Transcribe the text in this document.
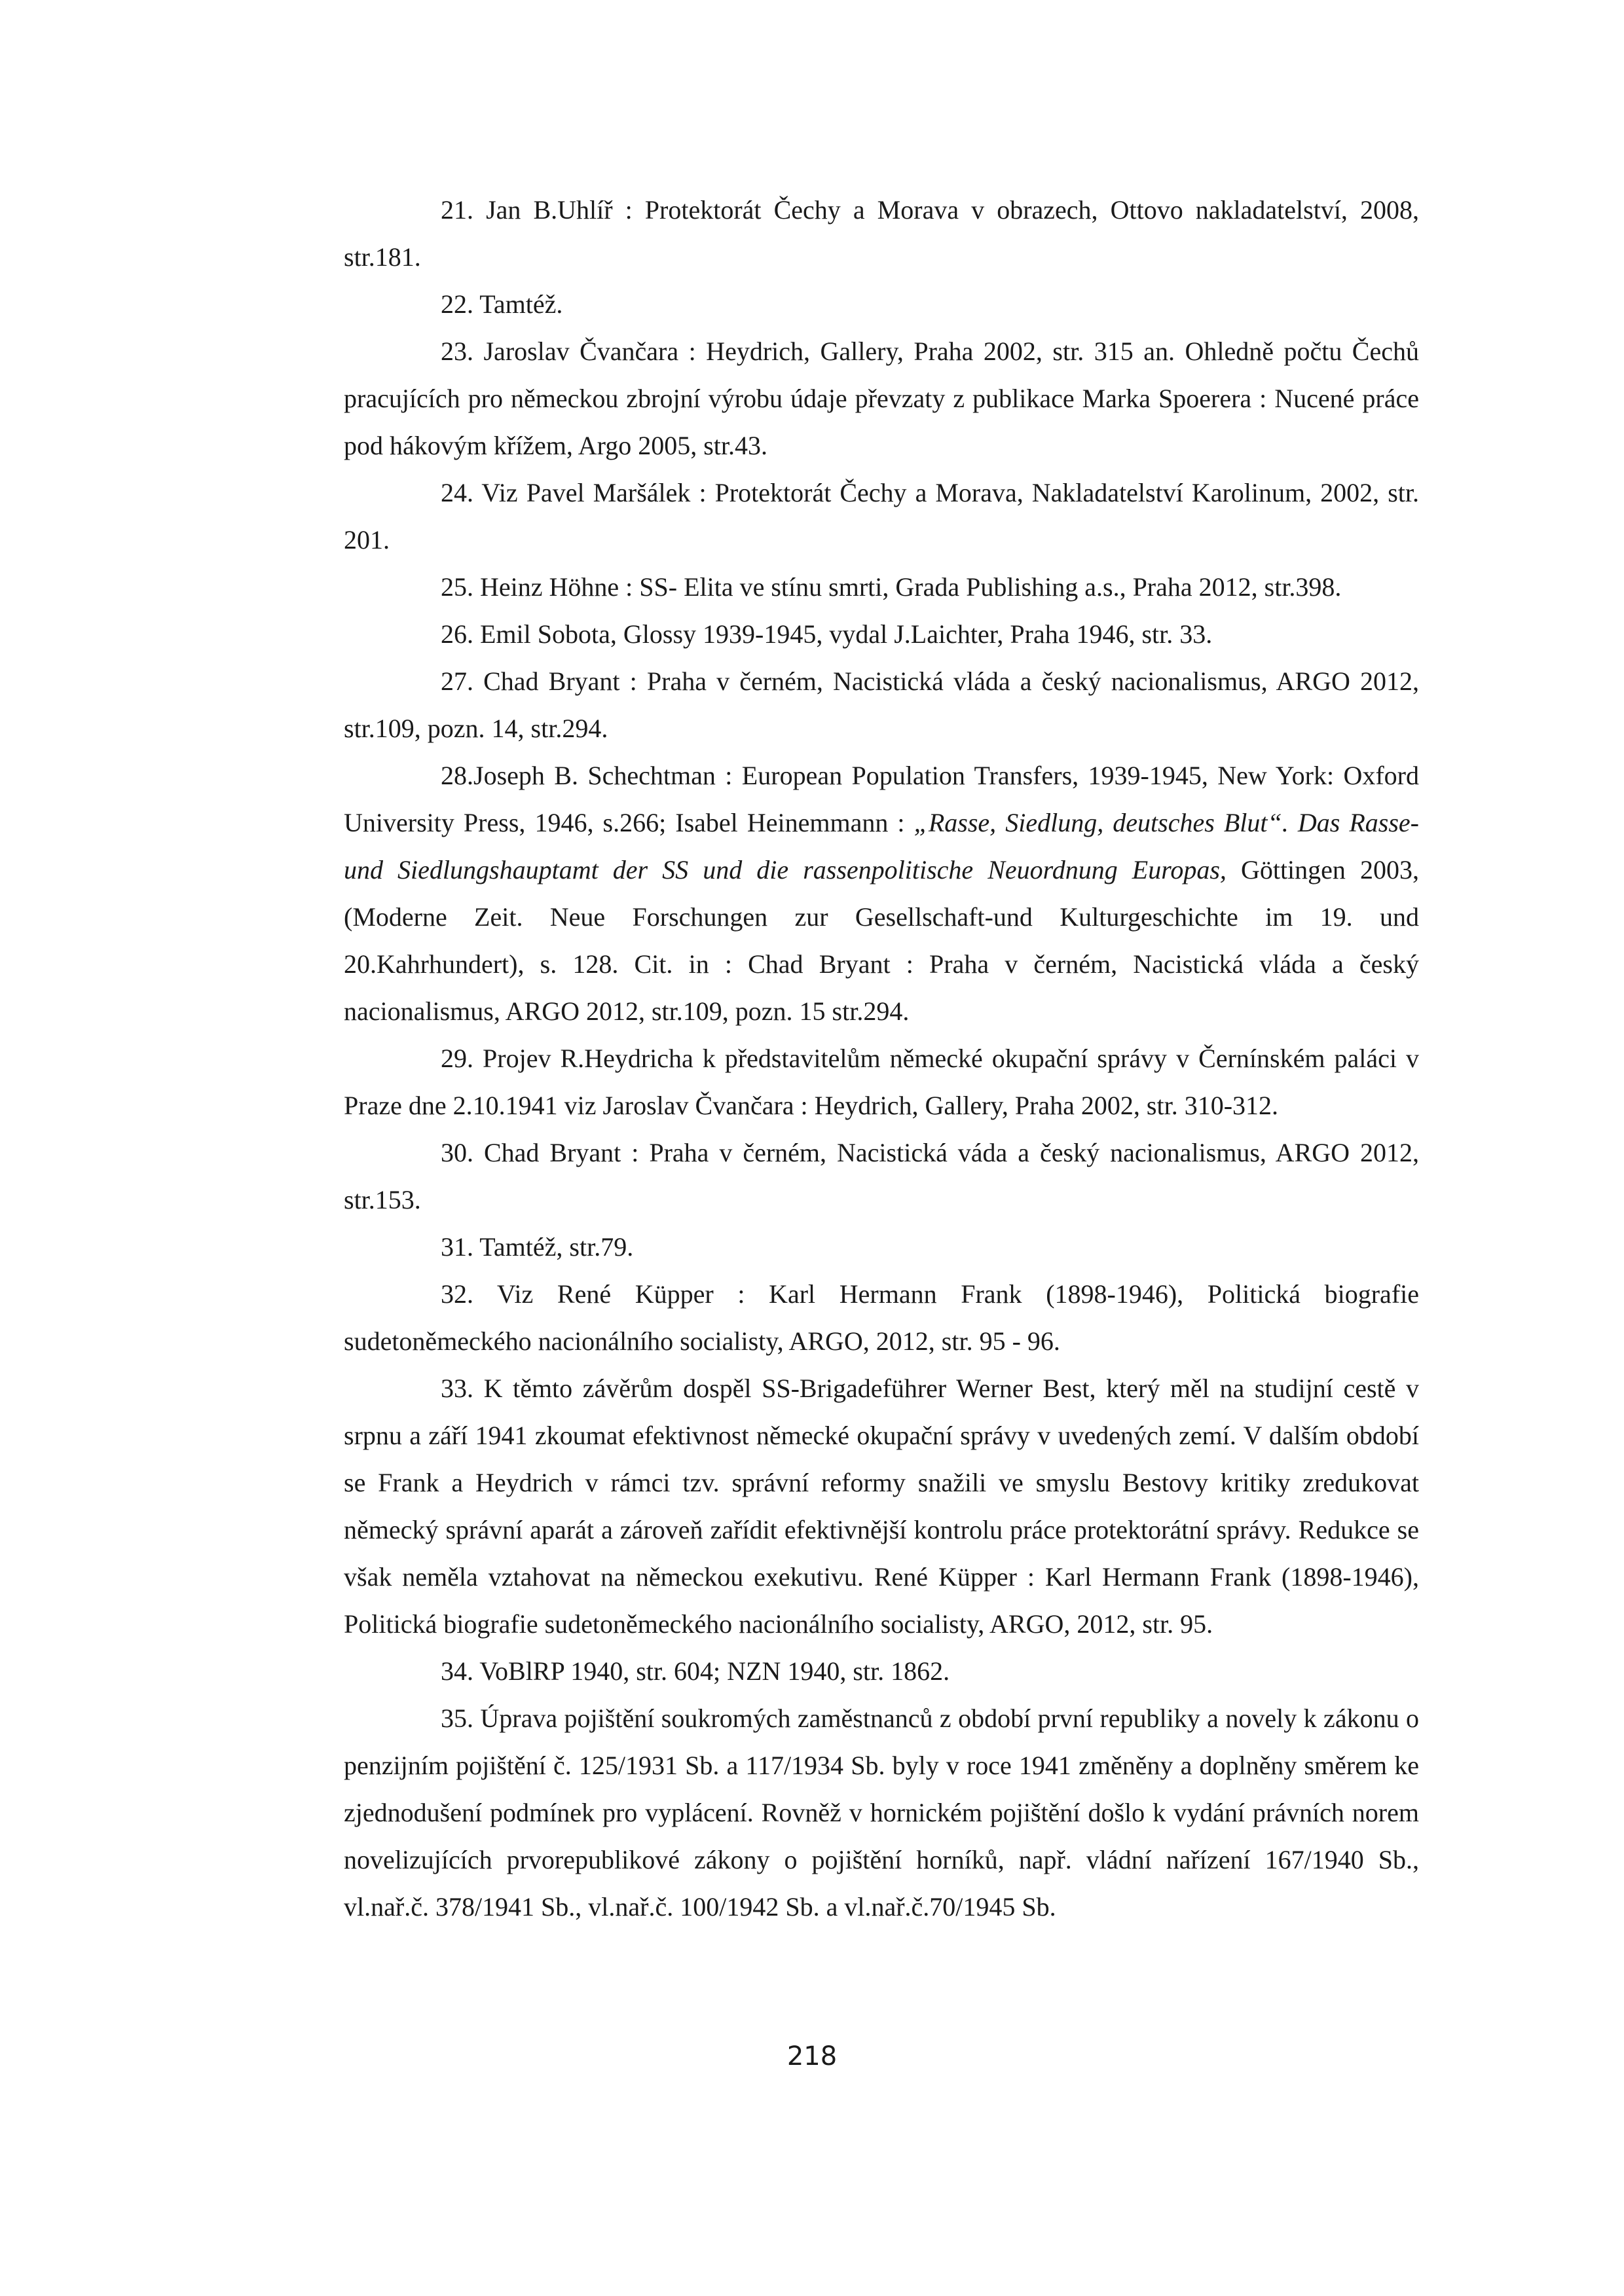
21. Jan B.Uhlíř : Protektorát Čechy a Morava v obrazech, Ottovo nakladatelství, 2008, str.181.

22. Tamtéž.

23. Jaroslav Čvančara : Heydrich, Gallery, Praha 2002, str. 315 an. Ohledně počtu Čechů pracujících pro německou zbrojní výrobu údaje převzaty z publikace Marka Spoerera : Nucené práce pod hákovým křížem, Argo 2005, str.43.

24. Viz Pavel Maršálek : Protektorát Čechy a Morava, Nakladatelství Karolinum, 2002, str. 201.

25. Heinz Höhne : SS- Elita ve stínu smrti, Grada Publishing a.s., Praha 2012, str.398.

26. Emil Sobota, Glossy 1939-1945, vydal J.Laichter, Praha 1946, str. 33.

27. Chad Bryant : Praha v černém, Nacistická vláda a český nacionalismus, ARGO 2012, str.109, pozn. 14, str.294.

28.Joseph B. Schechtman : European Population Transfers, 1939-1945, New York: Oxford University Press, 1946, s.266; Isabel Heinemmann : „Rasse, Siedlung, deutsches Blut“. Das Rasse-und Siedlungshauptamt der SS und die rassenpolitische Neuordnung Europas, Göttingen 2003, (Moderne Zeit. Neue Forschungen zur Gesellschaft-und Kulturgeschichte im 19. und 20.Kahrhundert), s. 128. Cit. in : Chad Bryant : Praha v černém, Nacistická vláda a český nacionalismus, ARGO 2012, str.109, pozn. 15 str.294.

29. Projev R.Heydricha k představitelům německé okupační správy v Černínském paláci v Praze dne 2.10.1941 viz Jaroslav Čvančara : Heydrich, Gallery, Praha 2002, str. 310-312.

30. Chad Bryant : Praha v černém, Nacistická váda a český nacionalismus, ARGO 2012, str.153.

31. Tamtéž, str.79.

32. Viz René Küpper : Karl Hermann Frank (1898-1946), Politická biografie sudetoněmeckého nacionálního socialisty, ARGO, 2012, str. 95 - 96.

33. K těmto závěrům dospěl SS-Brigadeführer Werner Best, který měl na studijní cestě v srpnu a září 1941 zkoumat efektivnost německé okupační správy v uvedených zemí. V dalším období se Frank a Heydrich v rámci tzv. správní reformy snažili ve smyslu Bestovy kritiky zredukovat německý správní aparát a zároveň zařídit efektivnější kontrolu práce protektorátní správy. Redukce se však neměla vztahovat na německou exekutivu. René Küpper : Karl Hermann Frank (1898-1946), Politická biografie sudetoněmeckého nacionálního socialisty, ARGO, 2012, str. 95.

34. VoBlRP 1940, str. 604; NZN 1940, str. 1862.

35. Úprava pojištění soukromých zaměstnanců z období první republiky a novely k zákonu o penzijním pojištění č. 125/1931 Sb. a 117/1934 Sb. byly v roce 1941 změněny a doplněny směrem ke zjednodušení podmínek pro vyplácení. Rovněž v hornickém pojištění došlo k vydání právních norem novelizujících prvorepublikové zákony o pojištění horníků, např. vládní nařízení 167/1940 Sb., vl.nař.č. 378/1941 Sb., vl.nař.č. 100/1942 Sb. a vl.nař.č.70/1945 Sb.

218
